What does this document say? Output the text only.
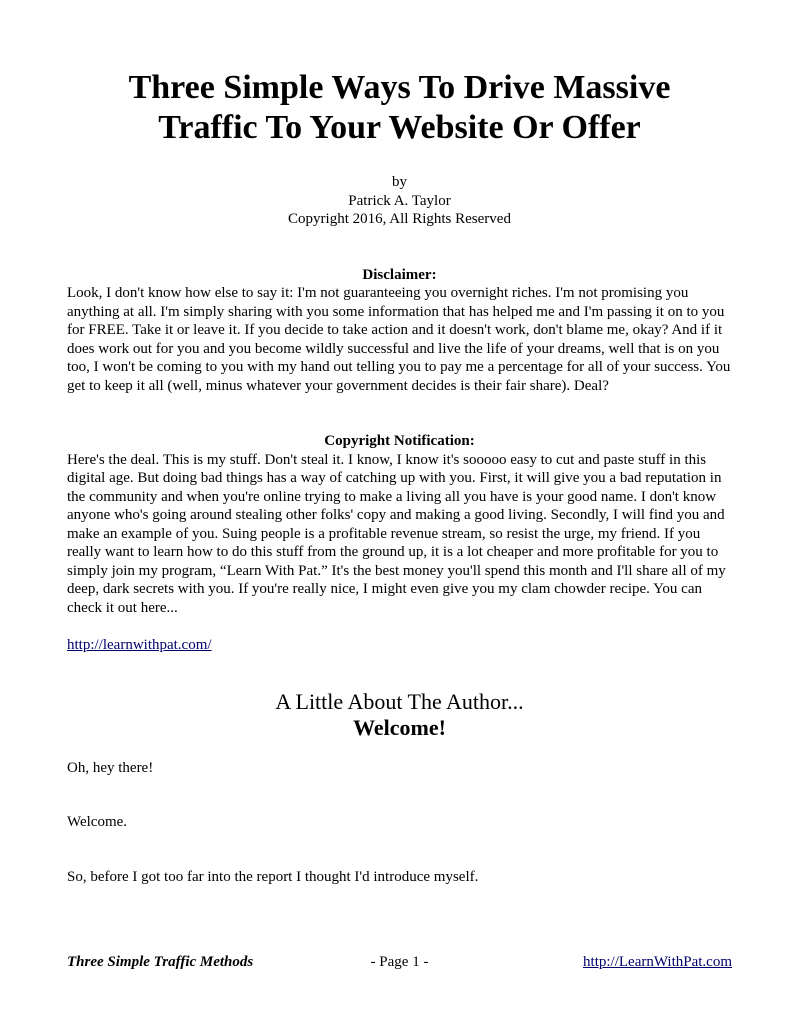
Three Simple Ways To Drive Massive
Traffic To Your Website Or Offer
by
Patrick A. Taylor
Copyright 2016, All Rights Reserved
Disclaimer:

Look, I don't know how else to say it: I'm not guaranteeing you overnight riches. I'm not promising you anything at all. I'm simply sharing with you some information that has helped me and I'm passing it on to you for FREE. Take it or leave it. If you decide to take action and it doesn't work, don't blame me, okay? And if it does work out for you and you become wildly successful and live the life of your dreams, well that is on you too, I won't be coming to you with my hand out telling you to pay me a percentage for all of your success. You get to keep it all (well, minus whatever your government decides is their fair share). Deal?

Copyright Notification:

Here's the deal. This is my stuff. Don't steal it. I know, I know it's sooooo easy to cut and paste stuff in this digital age. But doing bad things has a way of catching up with you. First, it will give you a bad reputation in the community and when you're online trying to make a living all you have is your good name. I don't know anyone who's going around stealing other folks' copy and making a good living. Secondly, I will find you and make an example of you. Suing people is a profitable revenue stream, so resist the urge, my friend. If you really want to learn how to do this stuff from the ground up, it is a lot cheaper and more profitable for you to simply join my program, “Learn With Pat.” It's the best money you'll spend this month and I'll share all of my deep, dark secrets with you. If you're really nice, I might even give you my clam chowder recipe. You can check it out here...

http://learnwithpat.com/
A Little About The Author...
Welcome!

Oh, hey there!

Welcome.

So, before I got too far into the report I thought I'd introduce myself.

Three Simple Traffic Methods	- Page 1 -	http://LearnWithPat.com
